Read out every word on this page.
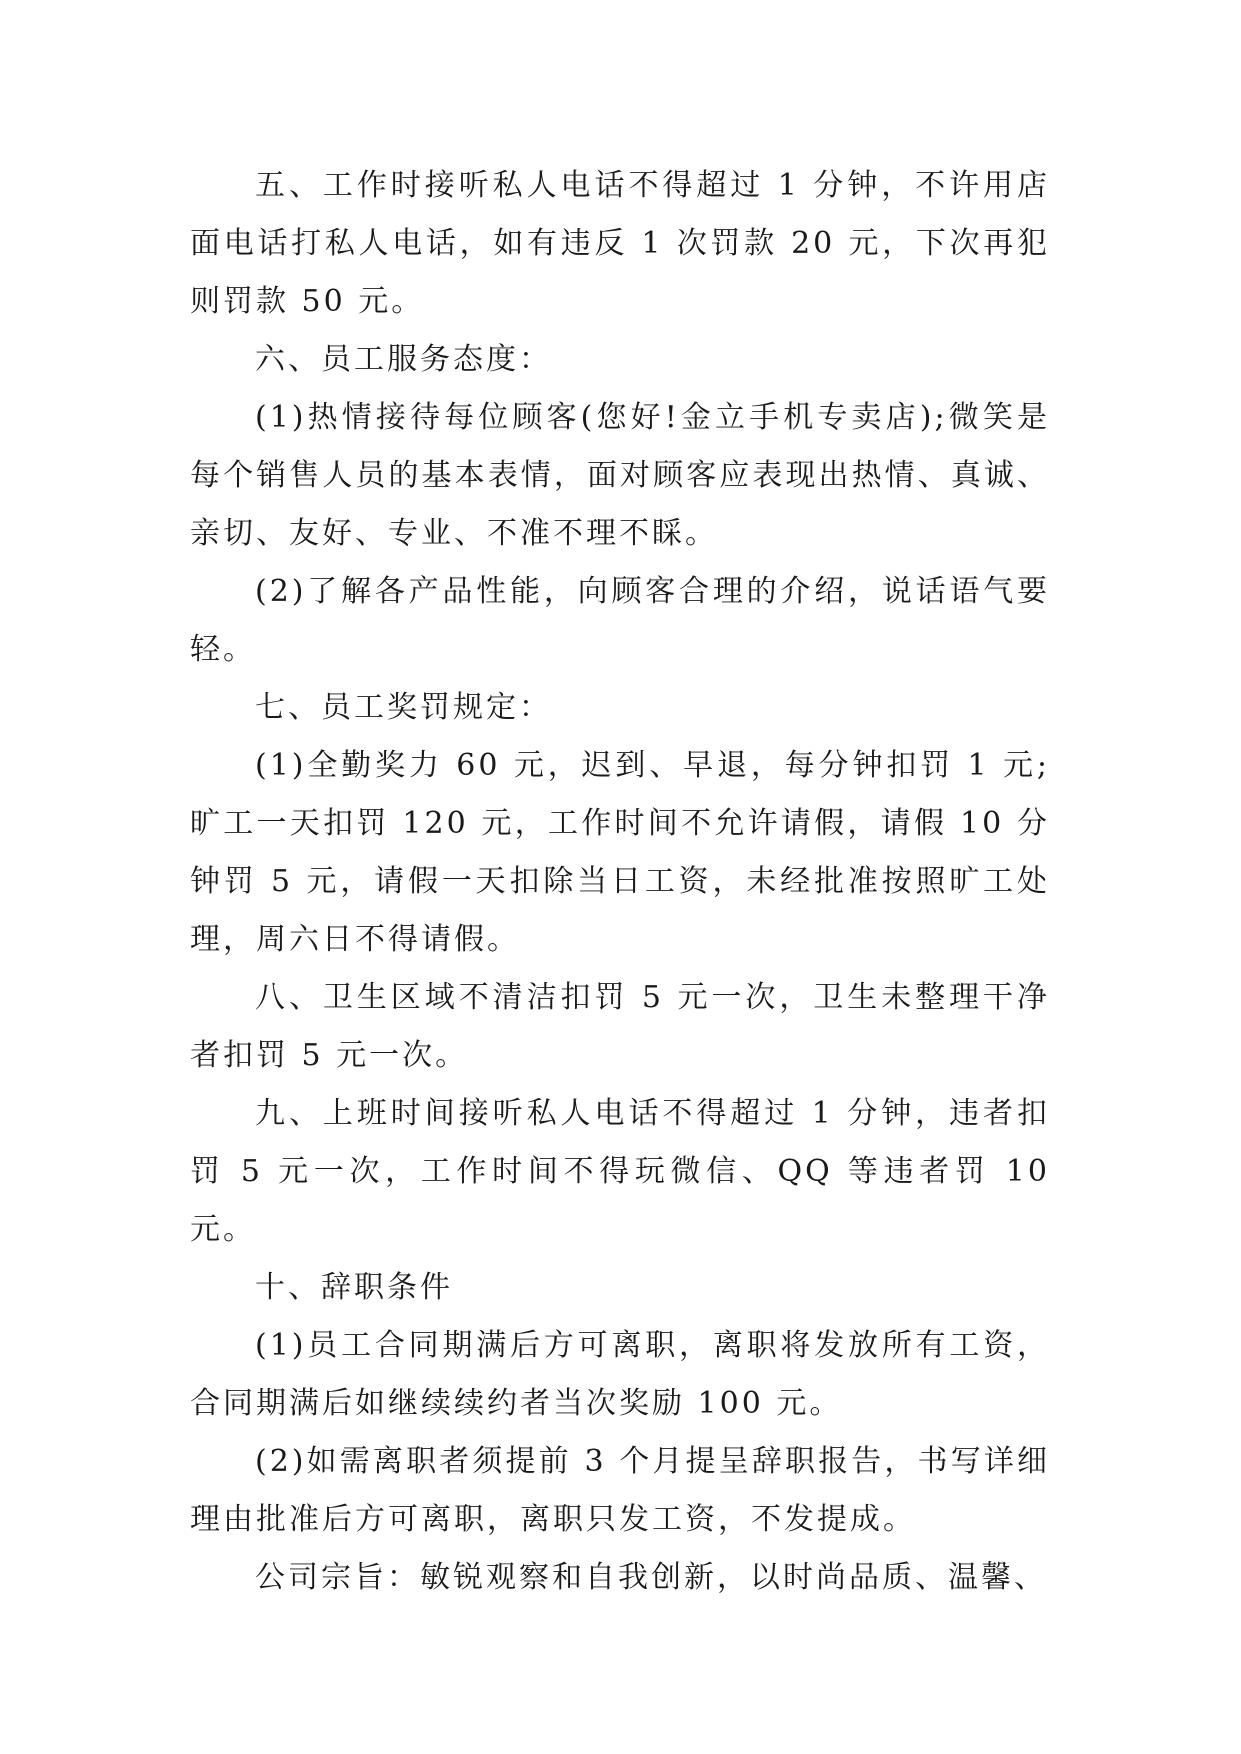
五、工作时接听私人电话不得超过 1 分钟，不许用店面电话打私人电话，如有违反 1 次罚款 20 元，下次再犯则罚款 50 元。

六、员工服务态度：

(1)热情接待每位顾客(您好!金立手机专卖店);微笑是每个销售人员的基本表情，面对顾客应表现出热情、真诚、亲切、友好、专业、不准不理不睬。

(2)了解各产品性能，向顾客合理的介绍，说话语气要轻。

七、员工奖罚规定：

(1)全勤奖力 60 元，迟到、早退，每分钟扣罚 1 元;旷工一天扣罚 120 元，工作时间不允许请假，请假 10 分钟罚 5 元，请假一天扣除当日工资，未经批准按照旷工处理，周六日不得请假。

八、卫生区域不清洁扣罚 5 元一次，卫生未整理干净者扣罚 5 元一次。

九、上班时间接听私人电话不得超过 1 分钟，违者扣罚 5 元一次，工作时间不得玩微信、QQ 等违者罚 10 元。

十、辞职条件

(1)员工合同期满后方可离职，离职将发放所有工资，合同期满后如继续续约者当次奖励 100 元。

(2)如需离职者须提前 3 个月提呈辞职报告，书写详细理由批准后方可离职，离职只发工资，不发提成。

公司宗旨：敏锐观察和自我创新，以时尚品质、温馨、
